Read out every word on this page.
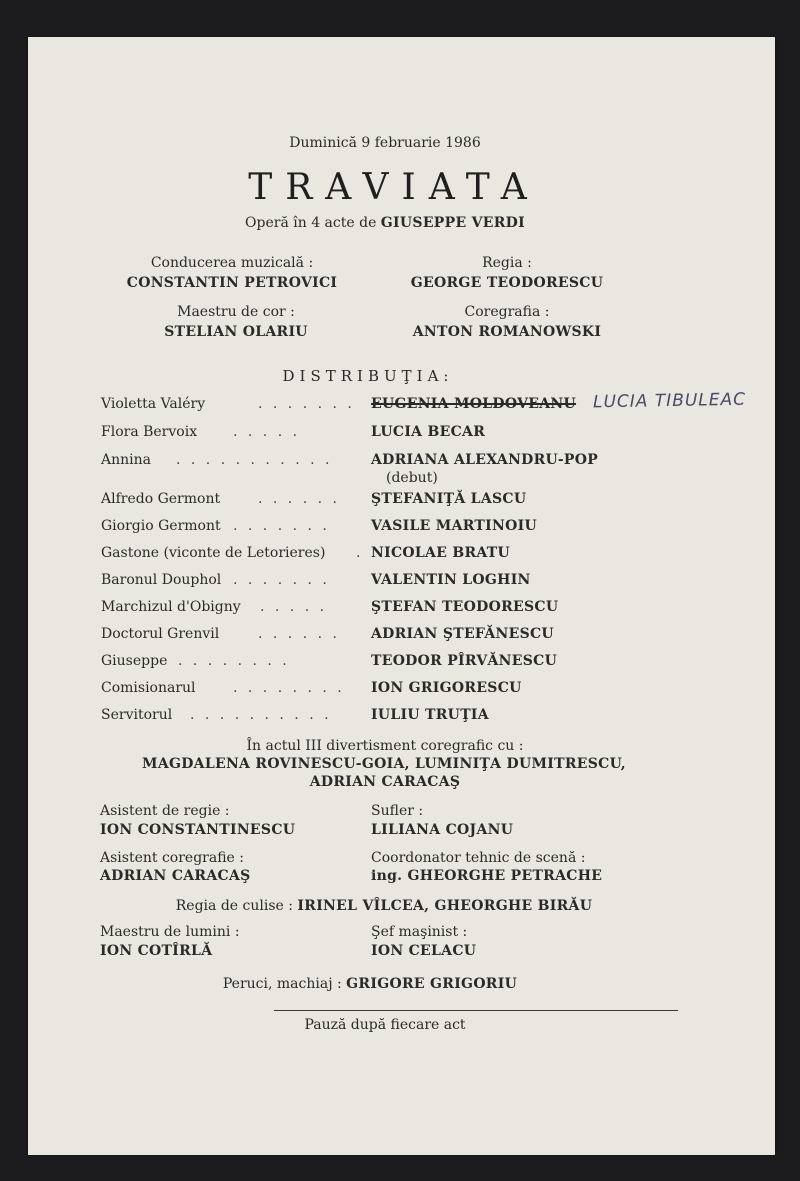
Duminică 9 februarie 1986
TRAVIATA
Operă în 4 acte de GIUSEPPE VERDI
Conducerea muzicală :
CONSTANTIN PETROVICI
Regia :
GEORGE TEODORESCU
Maestru de cor :
STELIAN OLARIU
Coregrafia :
ANTON ROMANOWSKI
DISTRIBUŢIA:
Violetta Valéry	. . . . . . . EUGENIA MOLDOVEANU LUCIA TIBULEAC
Flora Bervoix	. . . . .	LUCIA BECAR
Annina . . . . . . . . . . .	ADRIANA ALEXANDRU-POP
(debut)
Alfredo Germont	. . . . . . ŞTEFANIŢĂ LASCU
Giorgio Germont . . . . . . .	VASILE MARTINOIU
Gastone (viconte de Letorieres) . NICOLAE BRATU
Baronul Douphol . . . . . . .	VALENTIN LOGHIN
Marchizul d'Obigny . . . . .	ŞTEFAN TEODORESCU
Doctorul Grenvil	. . . . . . ADRIAN ŞTEFĂNESCU
Giuseppe . . . . . . . .	TEODOR PÎRVĂNESCU
Comisionarul	. . . . . . . . ION GRIGORESCU
Servitorul . . . . . . . . . .	IULIU TRUŢIA
În actul III divertisment coregrafic cu :
MAGDALENA ROVINESCU-GOIA, LUMINIŢA DUMITRESCU,
ADRIAN CARACAŞ
Asistent de regie :
ION CONSTANTINESCU
Sufler :
LILIANA COJANU
Asistent coregrafie :
ADRIAN CARACAŞ
Coordonator tehnic de scenă :
ing. GHEORGHE PETRACHE
Regia de culise : IRINEL VÎLCEA, GHEORGHE BIRĂU
Maestru de lumini :
ION COTÎRLĂ
Şef maşinist :
ION CELACU
Peruci, machiaj : GRIGORE GRIGORIU
Pauză după fiecare act
